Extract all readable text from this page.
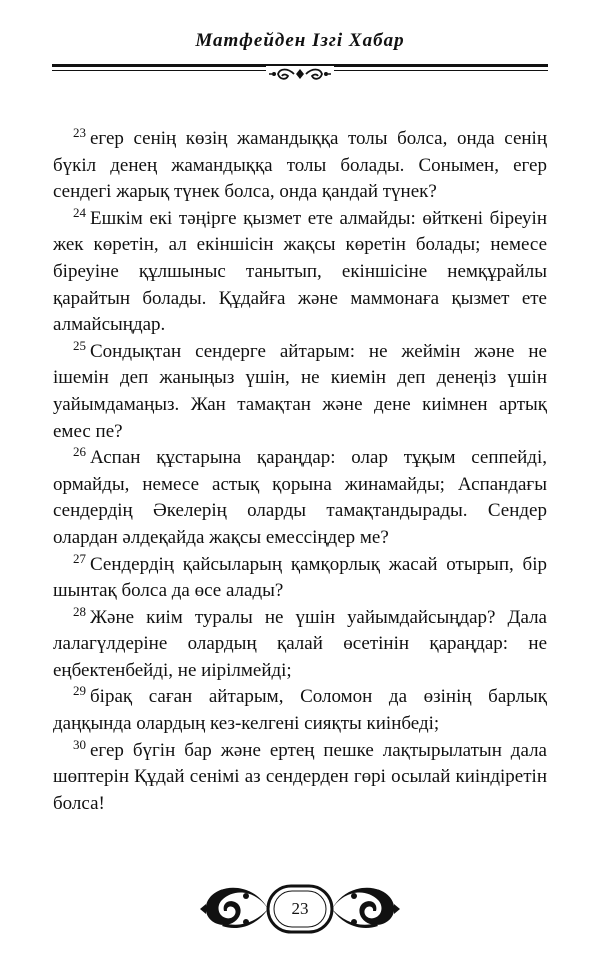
Матфейден Ізгі Хабар

$^{23}$ егер сенің көзің жамандыққа толы болса, онда сенің бүкіл денең жамандыққа толы болады. Сонымен, егер сендегі жарық түнек болса, онда қандай түнек?

$^{24}$ Ешкім екі тәңірге қызмет ете алмайды: өйткені біреуін жек көретін, ал екіншісін жақсы көретін болады; немесе біреуіне құлшыныс танытып, екіншісіне немқұрайлы қарайтын болады. Құдайға және маммонаға қызмет ете алмайсыңдар.

$^{25}$ Сондықтан сендерге айтарым: не жеймін және не ішемін деп жаныңыз үшін, не киемін деп денеңіз үшін уайымдамаңыз. Жан тамақтан және дене киімнен артық емес пе?

$^{26}$ Аспан құстарына қараңдар: олар тұқым сеппейді, ормайды, немесе астық қорына жинамайды; Аспандағы сендердің Әкелерің оларды тамақтандырады. Сендер олардан әлдеқайда жақсы емессіңдер ме?

$^{27}$ Сендердің қайсыларың қамқорлық жасай отырып, бір шынтақ болса да өсе алады?

$^{28}$ Және киім туралы не үшін уайымдайсыңдар? Дала лалагүлдеріне олардың қалай өсетінін қараңдар: не еңбектенбейді, не иірілмейді;

$^{29}$ бірақ саған айтарым, Соломон да өзінің барлық даңқында олардың кез-келгені сияқты киінбеді;

$^{30}$ егер бүгін бар және ертең пешке лақтырылатын дала шөптерін Құдай сенімі аз сендерден гөрі осылай киіндіретін болса!

23
